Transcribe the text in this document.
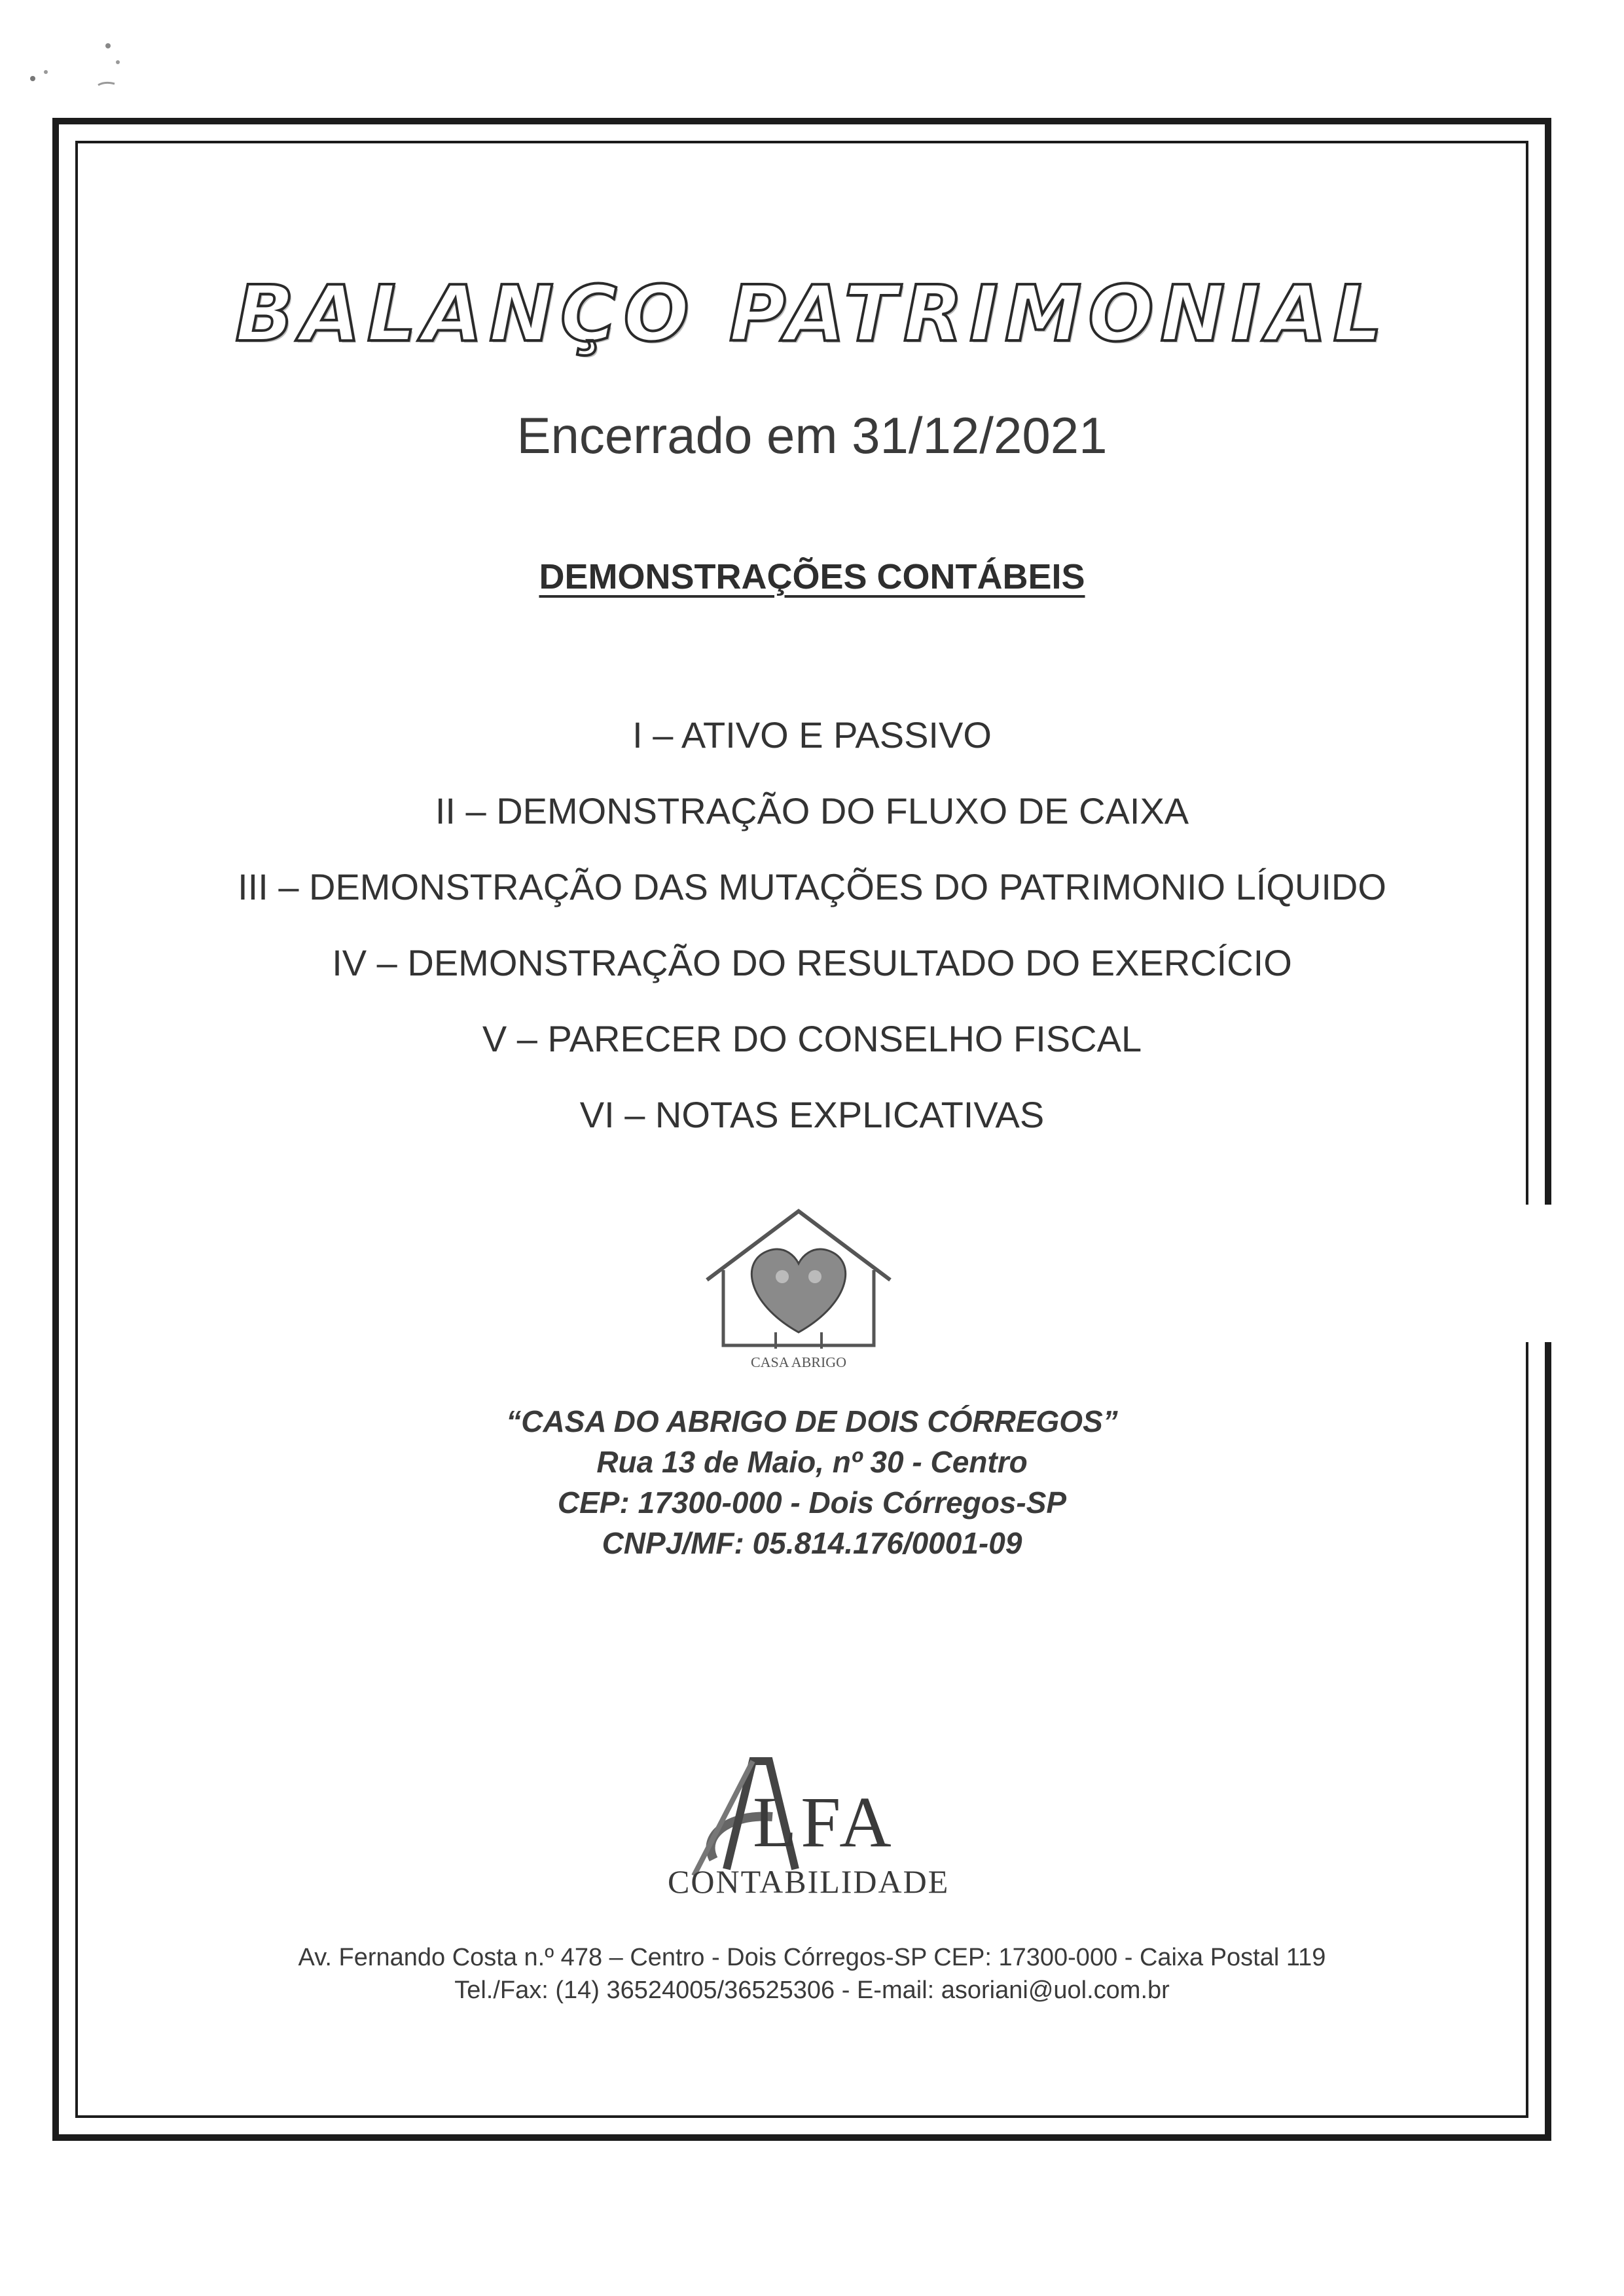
BALANÇO PATRIMONIAL
Encerrado em 31/12/2021
DEMONSTRAÇÕES CONTÁBEIS
I – ATIVO E PASSIVO
II – DEMONSTRAÇÃO DO FLUXO DE CAIXA
III – DEMONSTRAÇÃO DAS MUTAÇÕES DO PATRIMONIO LÍQUIDO
IV – DEMONSTRAÇÃO DO RESULTADO DO EXERCÍCIO
V – PARECER DO CONSELHO FISCAL
VI – NOTAS EXPLICATIVAS
CASA ABRIGO
“CASA DO ABRIGO DE DOIS CÓRREGOS”
Rua 13 de Maio, nº 30 - Centro
CEP: 17300-000 - Dois Córregos-SP
CNPJ/MF: 05.814.176/0001-09
LFA
CONTABILIDADE
Av. Fernando Costa n.º 478 – Centro - Dois Córregos-SP CEP: 17300-000 - Caixa Postal 119
Tel./Fax: (14) 36524005/36525306 - E-mail: asoriani@uol.com.br
